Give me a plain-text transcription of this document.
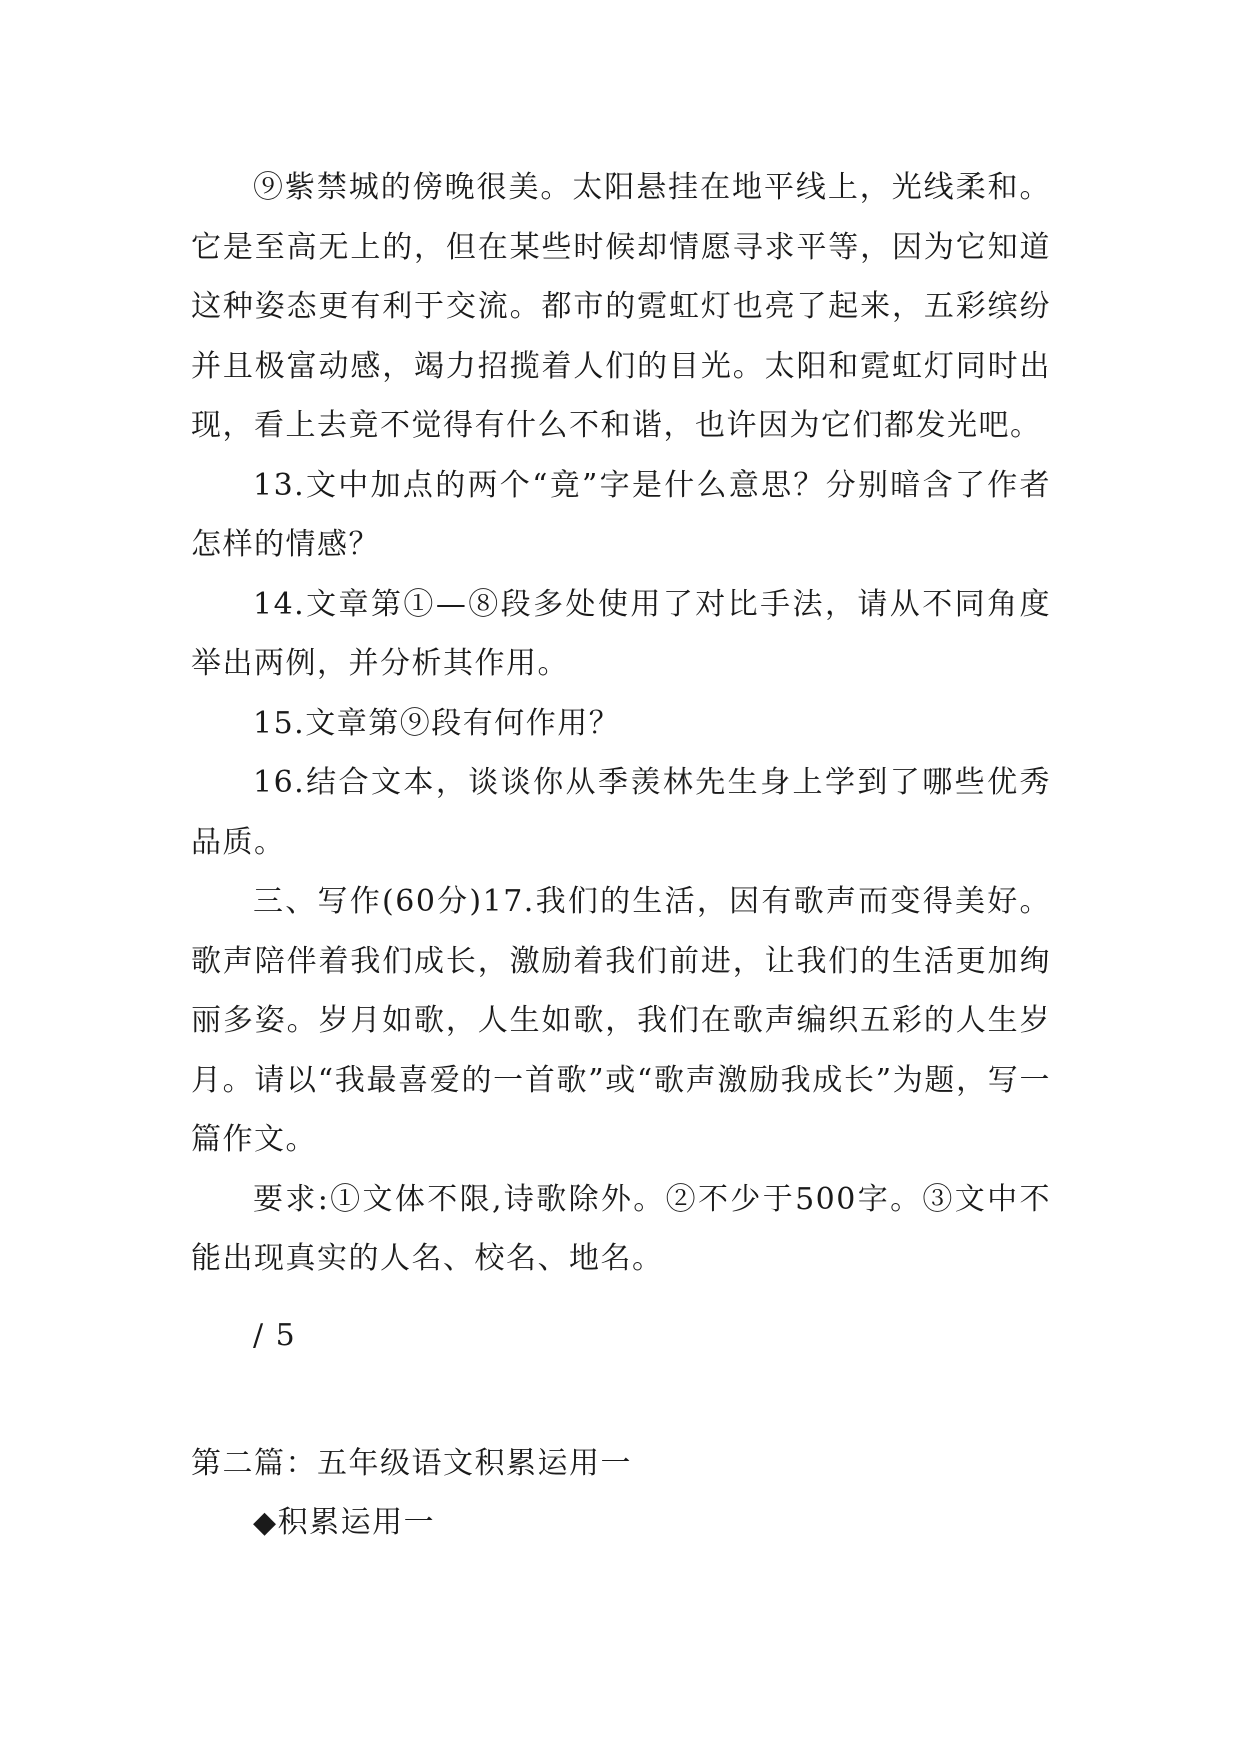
⑨紫禁城的傍晚很美。太阳悬挂在地平线上，光线柔和。它是至高无上的，但在某些时候却情愿寻求平等，因为它知道这种姿态更有利于交流。都市的霓虹灯也亮了起来，五彩缤纷并且极富动感，竭力招揽着人们的目光。太阳和霓虹灯同时出现，看上去竟不觉得有什么不和谐，也许因为它们都发光吧。

13.文中加点的两个“竟”字是什么意思？分别暗含了作者怎样的情感？

14.文章第①—⑧段多处使用了对比手法，请从不同角度举出两例，并分析其作用。

15.文章第⑨段有何作用？

16.结合文本，谈谈你从季羡林先生身上学到了哪些优秀品质。

三、写作(60分)17.我们的生活，因有歌声而变得美好。歌声陪伴着我们成长，激励着我们前进，让我们的生活更加绚丽多姿。岁月如歌，人生如歌，我们在歌声编织五彩的人生岁月。请以“我最喜爱的一首歌”或“歌声激励我成长”为题，写一篇作文。

要求:①文体不限,诗歌除外。②不少于500字。③文中不能出现真实的人名、校名、地名。

/ 5

第二篇：五年级语文积累运用一

◆积累运用一
